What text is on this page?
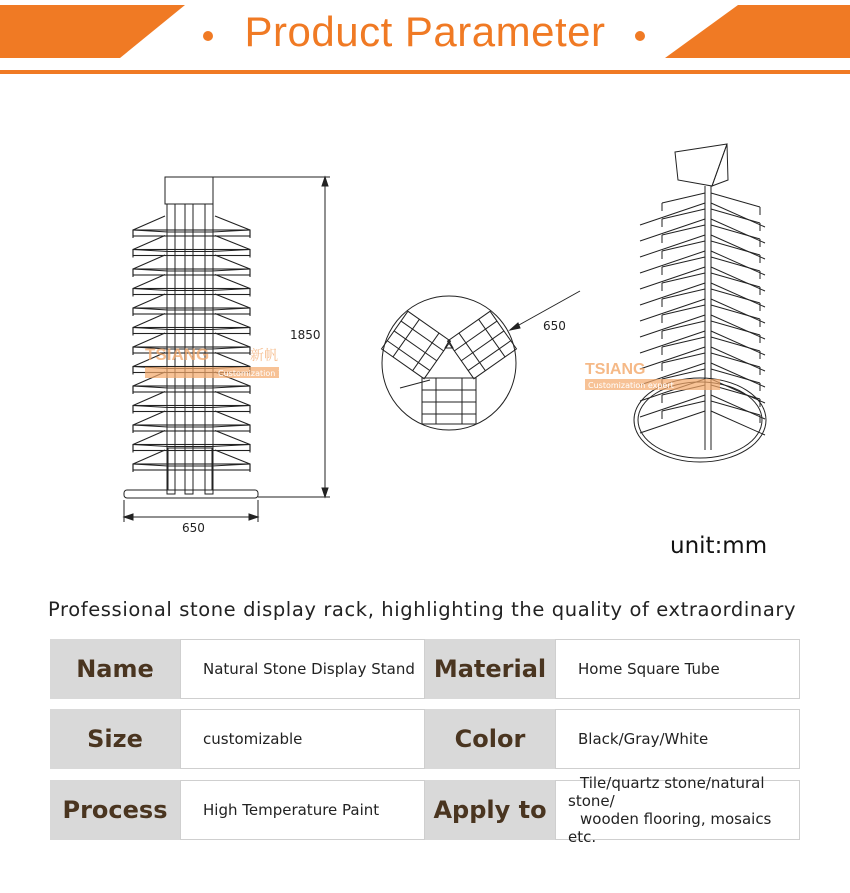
Product Parameter
1850
650
TSIANG	新帆
Customization 15 years
650
TSIANG
Customization expert
unit:mm
Professional stone display rack, highlighting the quality of extraordinary
Name	Natural Stone Display Stand Material	Home Square Tube
Size	customizable	Color	Black/Gray/White
Process	High Temperature Paint	Apply to
Tile/quartz stone/natural stone/
wooden flooring, mosaics etc.
